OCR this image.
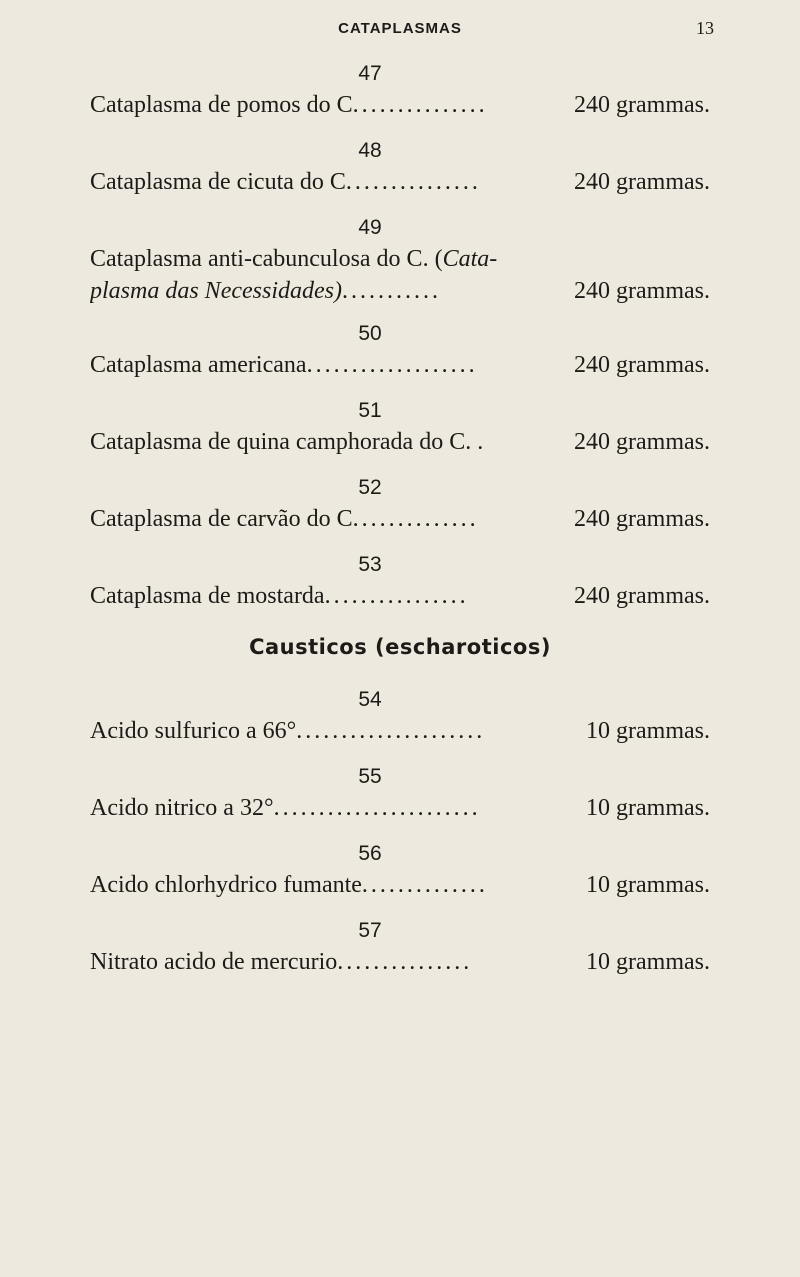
CATAPLASMAS	13
47
Cataplasma de pomos do C...............	240 grammas.
48
Cataplasma de cicuta do C...............	240 grammas.
49
Cataplasma anti-cabunculosa do C. (Cata-
plasma das Necessidades)...........	240 grammas.
50
Cataplasma americana...................	240 grammas.
51
Cataplasma de quina camphorada do C. .	240 grammas.
52
Cataplasma de carvão do C..............	240 grammas.
53
Cataplasma de mostarda................	240 grammas.
Causticos (escharoticos)
54
Acido sulfurico a 66°.....................	10 grammas.
55
Acido nitrico a 32°.......................	10 grammas.
56
Acido chlorhydrico fumante..............	10 grammas.
57
Nitrato acido de mercurio...............	10 grammas.
